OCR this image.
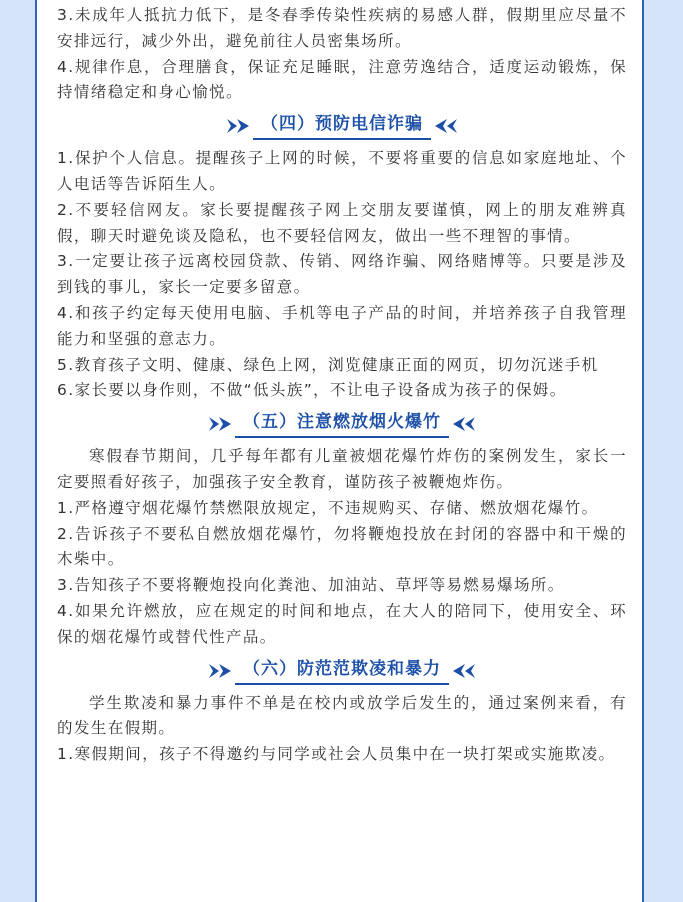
3.未成年人抵抗力低下，是冬春季传染性疾病的易感人群，假期里应尽量不安排远行，减少外出，避免前往人员密集场所。

4.规律作息，合理膳食，保证充足睡眠，注意劳逸结合，适度运动锻炼，保持情绪稳定和身心愉悦。

（四）预防电信诈骗

1.保护个人信息。提醒孩子上网的时候，不要将重要的信息如家庭地址、个人电话等告诉陌生人。

2.不要轻信网友。家长要提醒孩子网上交朋友要谨慎，网上的朋友难辨真假，聊天时避免谈及隐私，也不要轻信网友，做出一些不理智的事情。

3.一定要让孩子远离校园贷款、传销、网络诈骗、网络赌博等。只要是涉及到钱的事儿，家长一定要多留意。

4.和孩子约定每天使用电脑、手机等电子产品的时间，并培养孩子自我管理能力和坚强的意志力。

5.教育孩子文明、健康、绿色上网，浏览健康正面的网页，切勿沉迷手机

6.家长要以身作则，不做“低头族”，不让电子设备成为孩子的保姆。

（五）注意燃放烟火爆竹

寒假春节期间，几乎每年都有儿童被烟花爆竹炸伤的案例发生，家长一定要照看好孩子，加强孩子安全教育，谨防孩子被鞭炮炸伤。

1.严格遵守烟花爆竹禁燃限放规定，不违规购买、存储、燃放烟花爆竹。

2.告诉孩子不要私自燃放烟花爆竹，勿将鞭炮投放在封闭的容器中和干燥的木柴中。

3.告知孩子不要将鞭炮投向化粪池、加油站、草坪等易燃易爆场所。

4.如果允许燃放，应在规定的时间和地点，在大人的陪同下，使用安全、环保的烟花爆竹或替代性产品。

（六）防范范欺凌和暴力

学生欺凌和暴力事件不单是在校内或放学后发生的，通过案例来看，有的发生在假期。

1.寒假期间，孩子不得邀约与同学或社会人员集中在一块打架或实施欺凌。
